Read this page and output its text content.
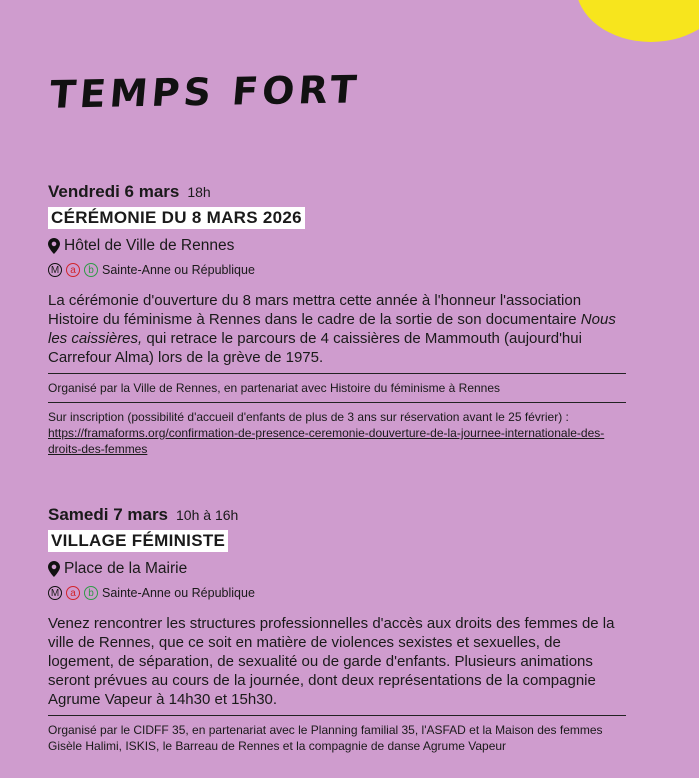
TEMPS FORT
Vendredi 6 mars 18h
CÉRÉMONIE DU 8 MARS 2026
Hôtel de Ville de Rennes
M	a	b Sainte-Anne ou République
La cérémonie d'ouverture du 8 mars mettra cette année à l'honneur l'association Histoire du féminisme à Rennes dans le cadre de la sortie de son documentaire Nous les caissières, qui retrace le parcours de 4 caissières de Mammouth (aujourd'hui Carrefour Alma) lors de la grève de 1975.
Organisé par la Ville de Rennes, en partenariat avec Histoire du féminisme à Rennes
Sur inscription (possibilité d'accueil d'enfants de plus de 3 ans sur réservation avant le 25 février) :
https://framaforms.org/confirmation-de-presence-ceremonie-douverture-de-la-journee-internationale-des-droits-des-femmes
Samedi 7 mars 10h à 16h
VILLAGE FÉMINISTE
Place de la Mairie
M	a	b Sainte-Anne ou République
Venez rencontrer les structures professionnelles d'accès aux droits des femmes de la ville de Rennes, que ce soit en matière de violences sexistes et sexuelles, de logement, de séparation, de sexualité ou de garde d'enfants. Plusieurs animations seront prévues au cours de la journée, dont deux représentations de la compagnie Agrume Vapeur à 14h30 et 15h30.
Organisé par le CIDFF 35, en partenariat avec le Planning familial 35, l'ASFAD et la Maison des femmes Gisèle Halimi, ISKIS, le Barreau de Rennes et la compagnie de danse Agrume Vapeur
